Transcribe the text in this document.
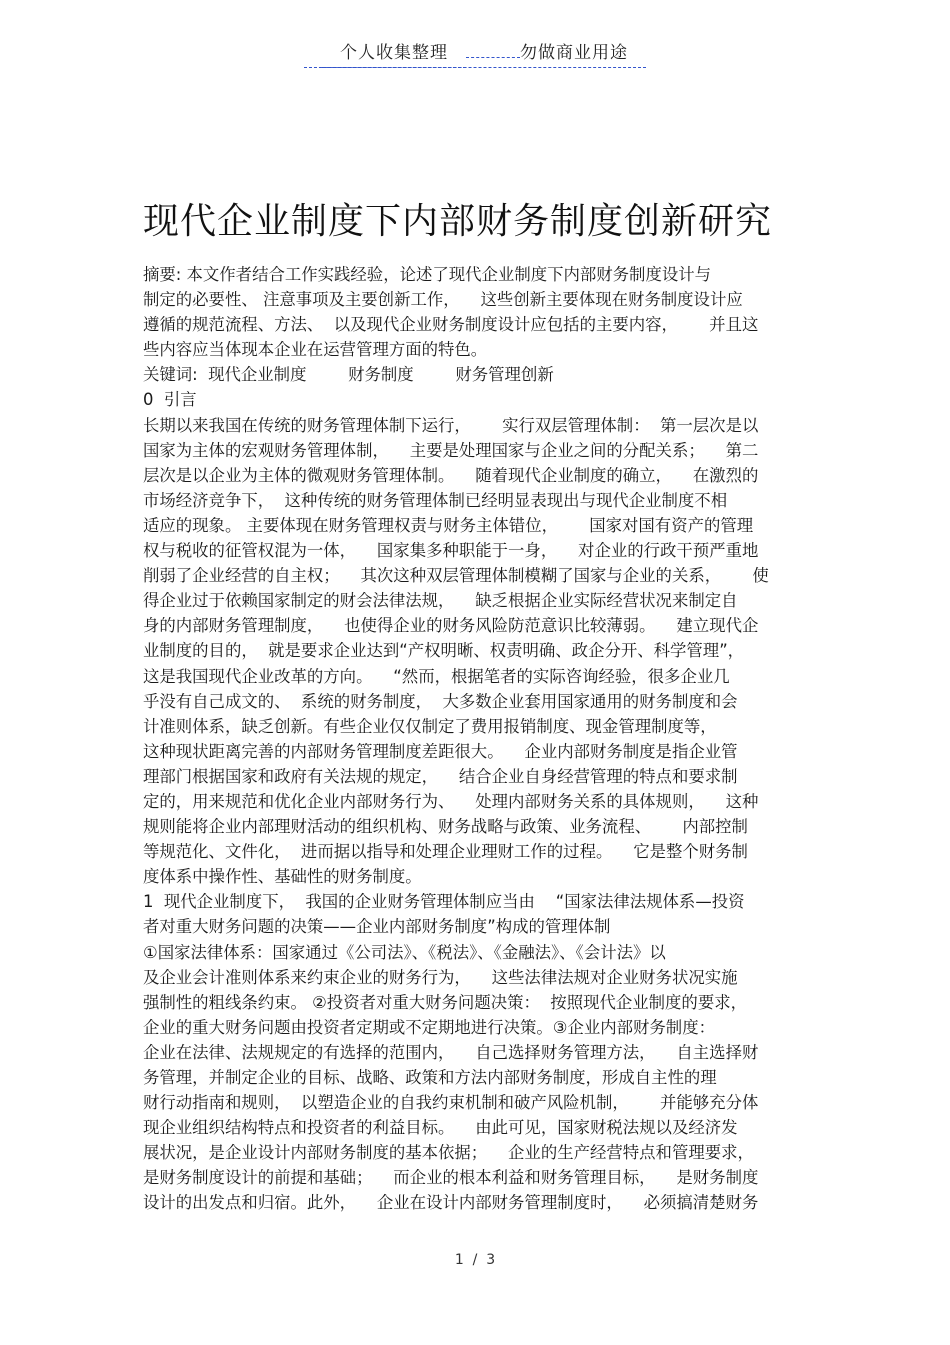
个人收集整理	勿做商业用途
现代企业制度下内部财务制度创新研究
摘要: 本文作者结合工作实践经验，论述了现代企业制度下内部财务制度设计与
制定的必要性、 注意事项及主要创新工作，    这些创新主要体现在财务制度设计应
遵循的规范流程、方法、  以及现代企业财务制度设计应包括的主要内容，      并且这
些内容应当体现本企业在运营管理方面的特色。
关键词:  现代企业制度        财务制度        财务管理创新
0  引言
长期以来我国在传统的财务管理体制下运行，      实行双层管理体制：  第一层次是以
国家为主体的宏观财务管理体制，    主要是处理国家与企业之间的分配关系；    第二
层次是以企业为主体的微观财务管理体制。    随着现代企业制度的确立，    在激烈的
市场经济竞争下，  这种传统的财务管理体制已经明显表现出与现代企业制度不相
适应的现象。 主要体现在财务管理权责与财务主体错位，      国家对国有资产的管理
权与税收的征管权混为一体，    国家集多种职能于一身，    对企业的行政干预严重地
削弱了企业经营的自主权；    其次这种双层管理体制模糊了国家与企业的关系，      使
得企业过于依赖国家制定的财会法律法规，    缺乏根据企业实际经营状况来制定自
身的内部财务管理制度，    也使得企业的财务风险防范意识比较薄弱。    建立现代企
业制度的目的，  就是要求企业达到“产权明晰、权责明确、政企分开、科学管理”，
这是我国现代企业改革的方向。    “然而，根据笔者的实际咨询经验，很多企业几
乎没有自己成文的、  系统的财务制度，  大多数企业套用国家通用的财务制度和会
计准则体系，缺乏创新。有些企业仅仅制定了费用报销制度、现金管理制度等，
这种现状距离完善的内部财务管理制度差距很大。    企业内部财务制度是指企业管
理部门根据国家和政府有关法规的规定，    结合企业自身经营管理的特点和要求制
定的，用来规范和优化企业内部财务行为、    处理内部财务关系的具体规则，    这种
规则能将企业内部理财活动的组织机构、财务战略与政策、业务流程、      内部控制
等规范化、文件化，  进而据以指导和处理企业理财工作的过程。    它是整个财务制
度体系中操作性、基础性的财务制度。
1  现代企业制度下，  我国的企业财务管理体制应当由    “国家法律法规体系—投资
者对重大财务问题的决策——企业内部财务制度”构成的管理体制
①国家法律体系：国家通过《公司法》、《税法》、《金融法》、《会计法》以
及企业会计准则体系来约束企业的财务行为，    这些法律法规对企业财务状况实施
强制性的粗线条约束。 ②投资者对重大财务问题决策：  按照现代企业制度的要求，
企业的重大财务问题由投资者定期或不定期地进行决策。③企业内部财务制度：
企业在法律、法规规定的有选择的范围内，    自己选择财务管理方法，    自主选择财
务管理，并制定企业的目标、战略、政策和方法内部财务制度，形成自主性的理
财行动指南和规则，  以塑造企业的自我约束机制和破产风险机制，      并能够充分体
现企业组织结构特点和投资者的利益目标。    由此可见，国家财税法规以及经济发
展状况，是企业设计内部财务制度的基本依据；    企业的生产经营特点和管理要求，
是财务制度设计的前提和基础；    而企业的根本利益和财务管理目标，    是财务制度
设计的出发点和归宿。此外，    企业在设计内部财务管理制度时，    必须搞清楚财务
1  /  3
